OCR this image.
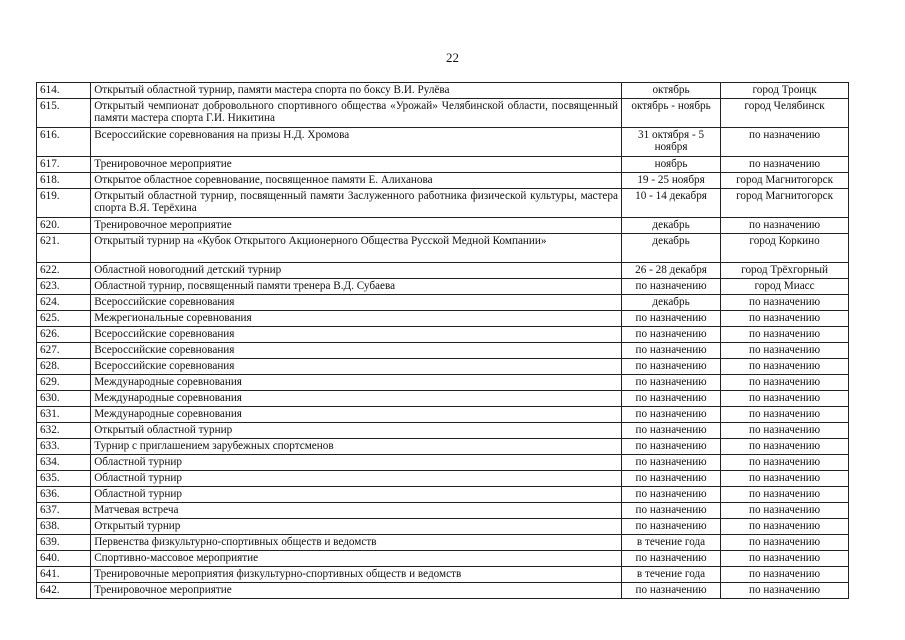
22
614.	Открытый областной турнир, памяти мастера спорта по боксу В.И. Рулёва	октябрь	город Троицк
615.	Открытый чемпионат добровольного спортивного общества «Урожай» Челябинской области, посвященный памяти мастера спорта Г.И. Никитина	октябрь - ноябрь	город Челябинск
616.	Всероссийские соревнования на призы Н.Д. Хромова	31 октября - 5 ноября	по назначению
617.	Тренировочное мероприятие	ноябрь	по назначению
618.	Открытое областное соревнование, посвященное памяти Е. Алиханова	19 - 25 ноября	город Магнитогорск
619.	Открытый областной турнир, посвященный памяти Заслуженного работника физической культуры, мастера спорта В.Я. Терёхина	10 - 14 декабря	город Магнитогорск
620.	Тренировочное мероприятие	декабрь	по назначению
621.	Открытый турнир на «Кубок Открытого Акционерного Общества Русской Медной Компании»	декабрь	город Коркино
622.	Областной новогодний детский турнир	26 - 28 декабря	город Трёхгорный
623.	Областной турнир, посвященный памяти тренера В.Д. Субаева	по назначению	город Миасс
624.	Всероссийские соревнования	декабрь	по назначению
625.	Межрегиональные соревнования	по назначению	по назначению
626.	Всероссийские соревнования	по назначению	по назначению
627.	Всероссийские соревнования	по назначению	по назначению
628.	Всероссийские соревнования	по назначению	по назначению
629.	Международные соревнования	по назначению	по назначению
630.	Международные соревнования	по назначению	по назначению
631.	Международные соревнования	по назначению	по назначению
632.	Открытый областной турнир	по назначению	по назначению
633.	Турнир с приглашением зарубежных спортсменов	по назначению	по назначению
634.	Областной турнир	по назначению	по назначению
635.	Областной турнир	по назначению	по назначению
636.	Областной турнир	по назначению	по назначению
637.	Матчевая встреча	по назначению	по назначению
638.	Открытый турнир	по назначению	по назначению
639.	Первенства физкультурно-спортивных обществ и ведомств	в течение года	по назначению
640.	Спортивно-массовое мероприятие	по назначению	по назначению
641.	Тренировочные мероприятия физкультурно-спортивных обществ и ведомств	в течение года	по назначению
642.	Тренировочное мероприятие	по назначению	по назначению
